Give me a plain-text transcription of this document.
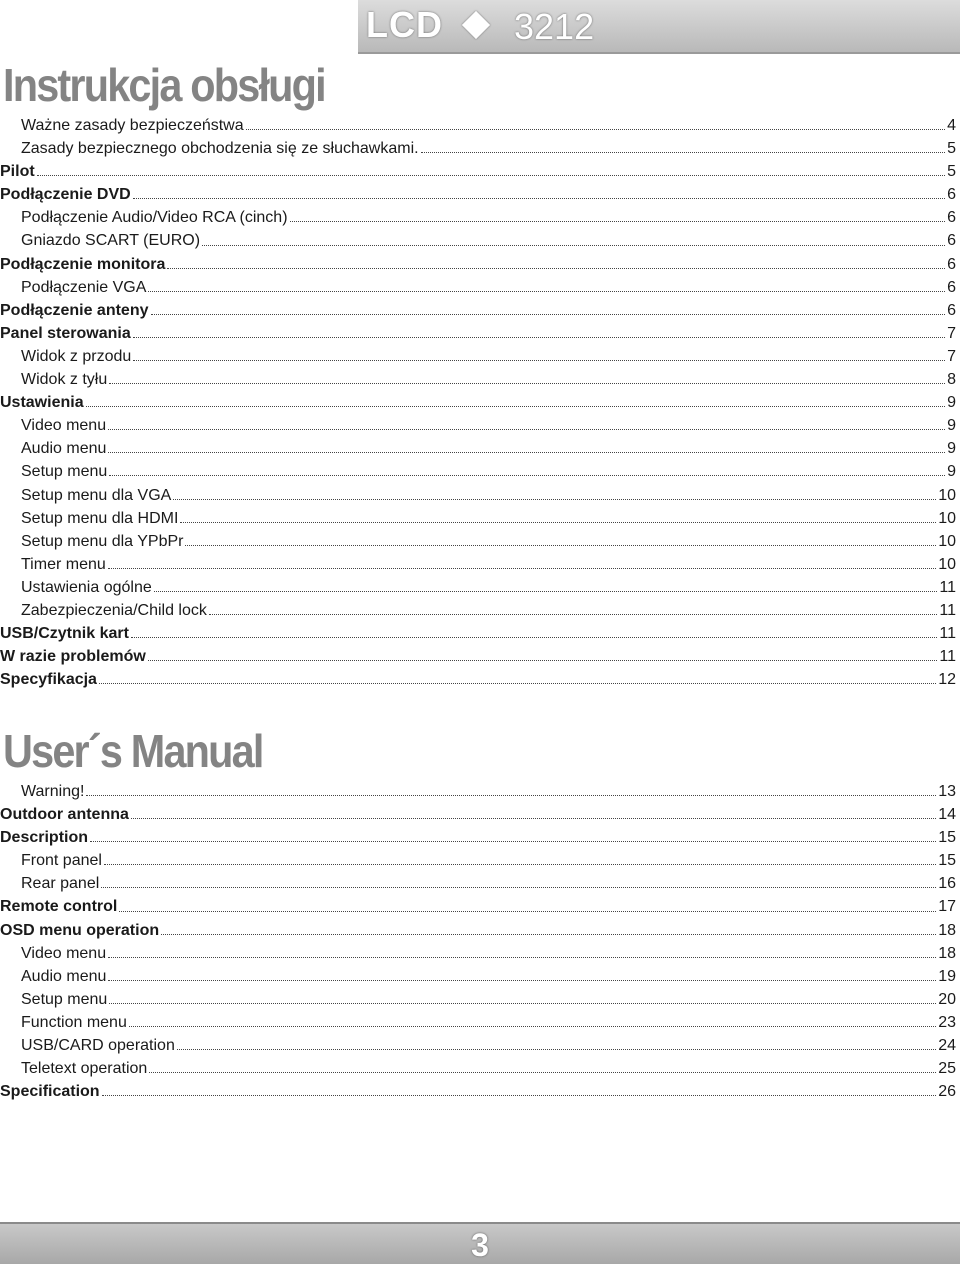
LCD 3212
Instrukcja obsługi
Ważne zasady bezpieczeństwa	4
Zasady bezpiecznego obchodzenia się ze słuchawkami.	5
Pilot	5
Podłączenie DVD	6
Podłączenie Audio/Video RCA (cinch)	6
Gniazdo SCART (EURO)	6
Podłączenie monitora	6
Podłączenie VGA	6
Podłączenie anteny	6
Panel sterowania	7
Widok z przodu	7
Widok z tyłu	8
Ustawienia	9
Video menu	9
Audio menu	9
Setup menu	9
Setup menu dla VGA	10
Setup menu dla HDMI	10
Setup menu dla YPbPr	10
Timer menu	10
Ustawienia ogólne	11
Zabezpieczenia/Child lock	11
USB/Czytnik kart	11
W razie problemów	11
Specyfikacja	12
User´s Manual
Warning!	13
Outdoor antenna	14
Description	15
Front panel	15
Rear panel	16
Remote control	17
OSD menu operation	18
Video menu	18
Audio menu	19
Setup menu	20
Function menu	23
USB/CARD operation	24
Teletext operation	25
Specification	26
3
